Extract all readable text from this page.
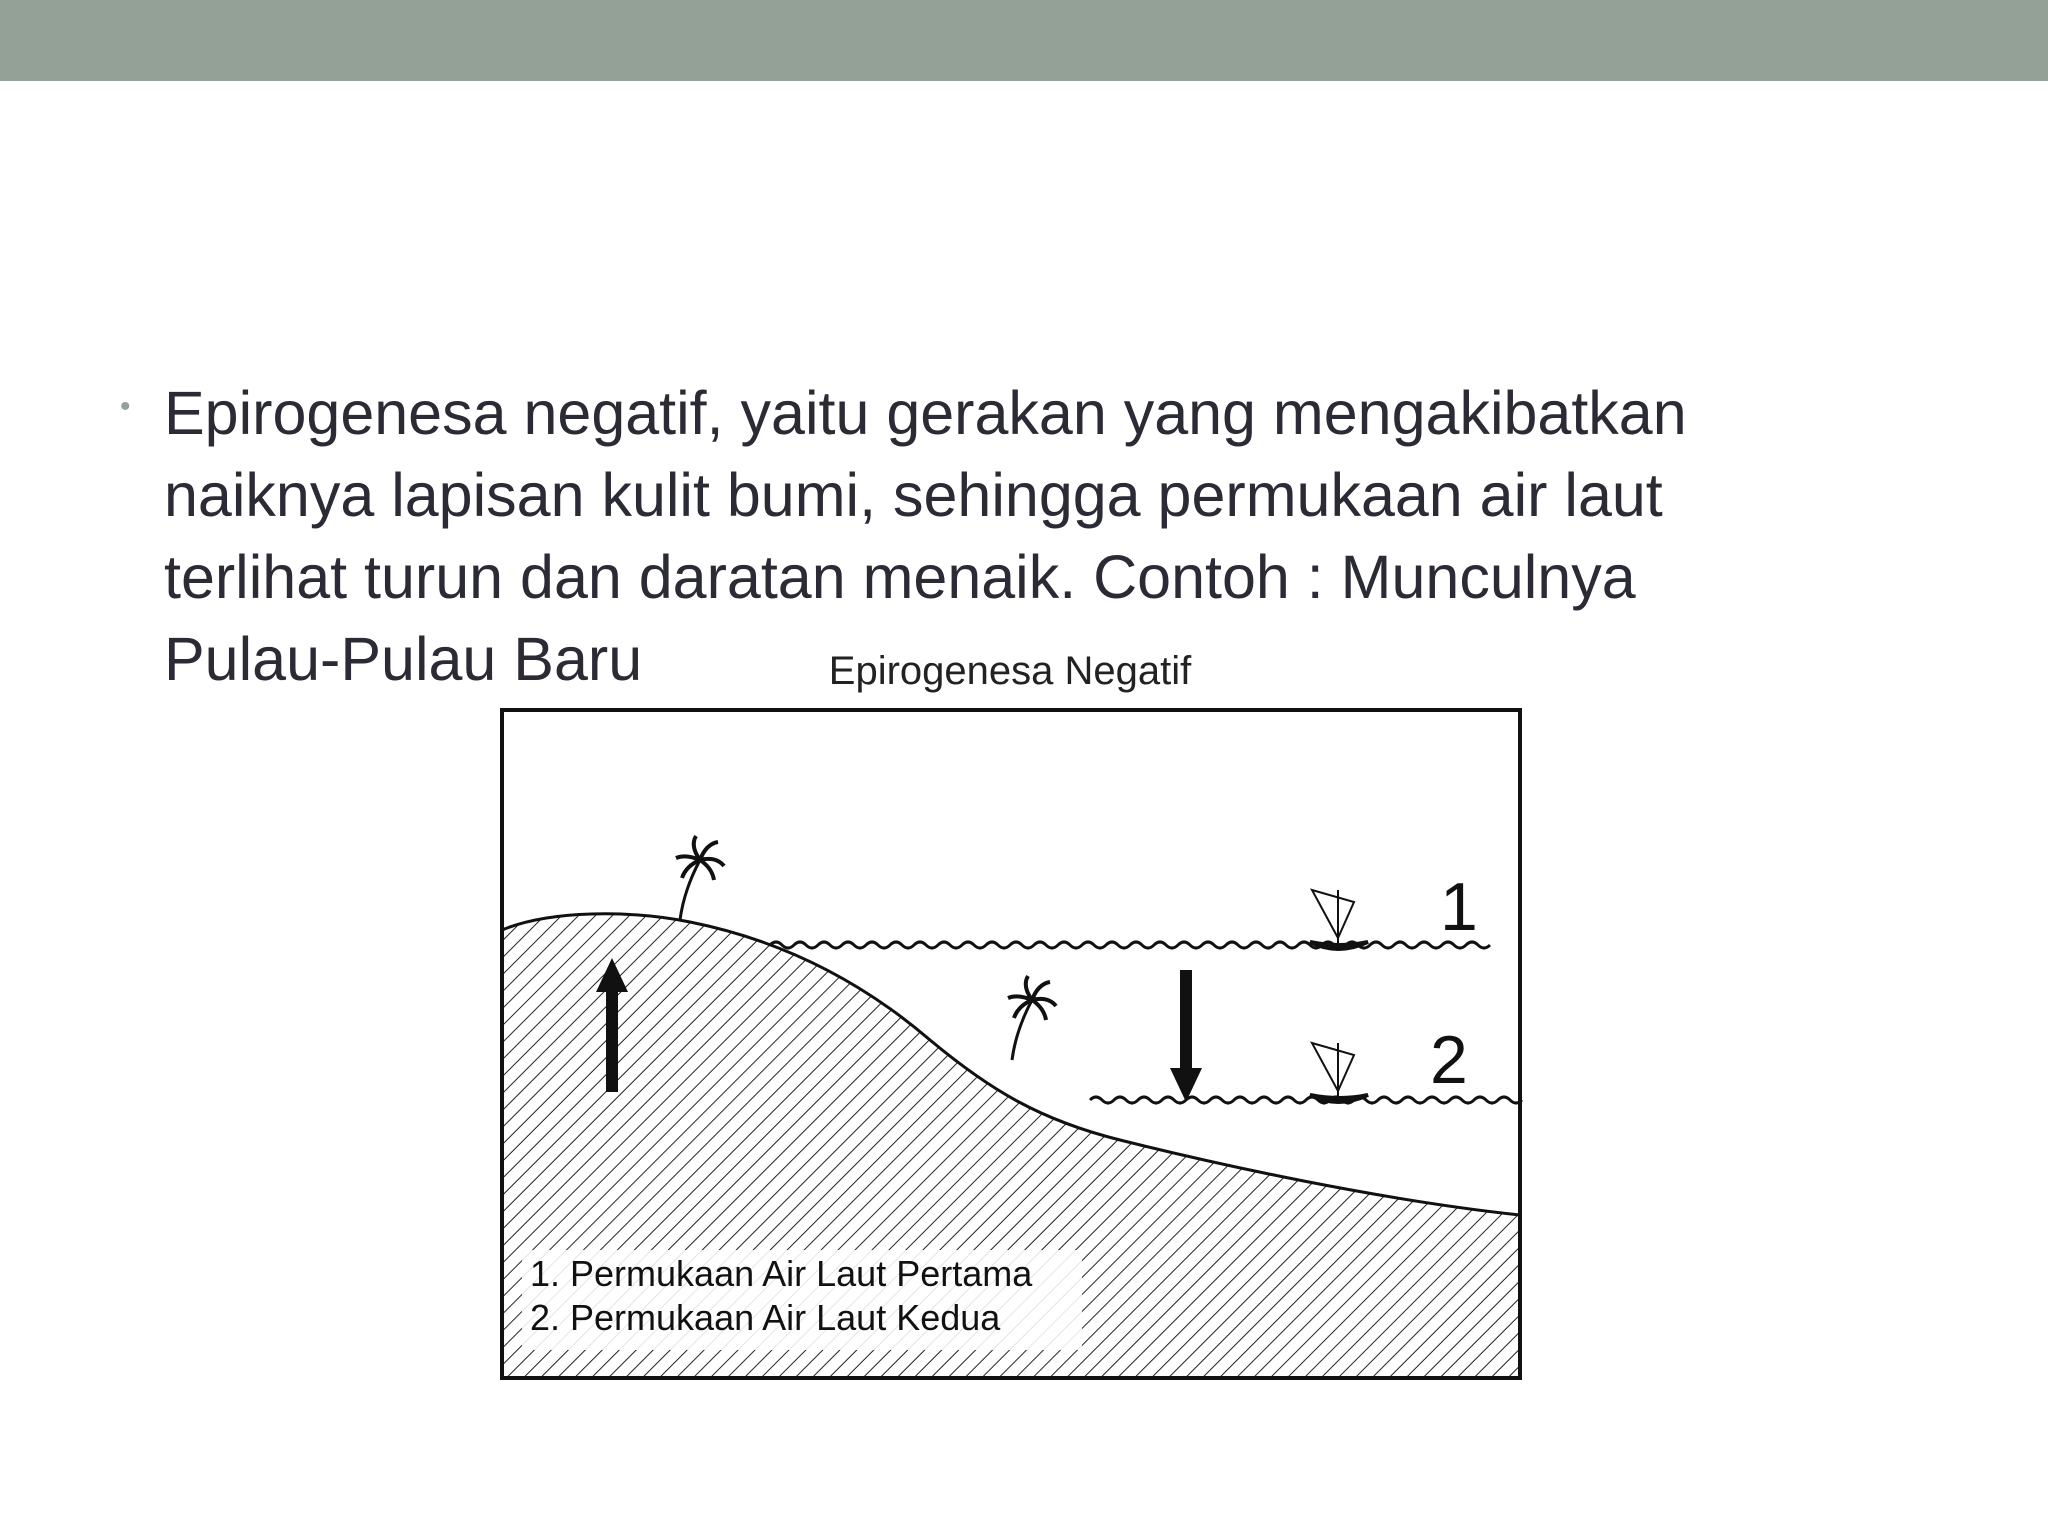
• Epirogenesa negatif, yaitu gerakan yang mengakibatkan
naiknya lapisan kulit bumi, sehingga permukaan air laut
terlihat turun dan daratan menaik. Contoh : Munculnya
Pulau-Pulau Baru	Epirogenesa Negatif
1
2
1. Permukaan Air Laut Pertama
2. Permukaan Air Laut Kedua
